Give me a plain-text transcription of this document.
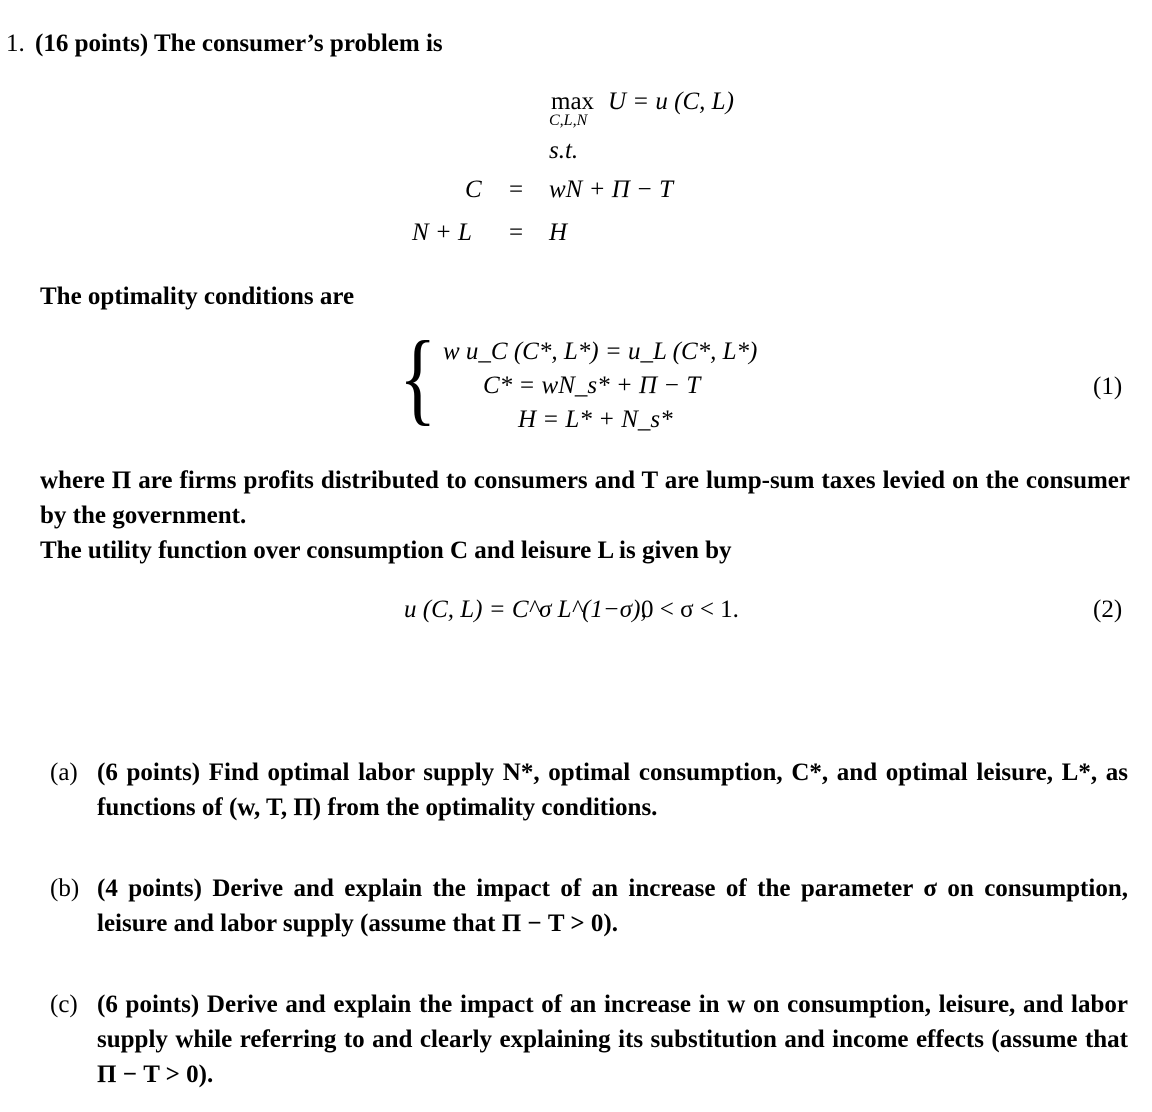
1. (16 points) The consumer’s problem is
max
C,L,N
U = u (C, L)
s.t.
C = wN + Π − T
N + L = H
The optimality conditions are
{ w u_C (C*, L*) = u_L (C*, L*)
C* = wN_s* + Π − T
H = L* + N_s*
(1)
where Π are firms profits distributed to consumers and T are lump-sum taxes levied on the consumer by the government.
The utility function over consumption C and leisure L is given by
u (C, L) = C^σ L^(1−σ),
0 < σ < 1.	(2)
(a) (6 points) Find optimal labor supply N*, optimal consumption, C*, and optimal leisure, L*, as functions of (w, T, Π) from the optimality conditions.
(b) (4 points) Derive and explain the impact of an increase of the parameter σ on consumption, leisure and labor supply (assume that Π − T > 0).
(c) (6 points) Derive and explain the impact of an increase in w on consumption, leisure, and labor supply while referring to and clearly explaining its substitution and income effects (assume that Π − T > 0).
